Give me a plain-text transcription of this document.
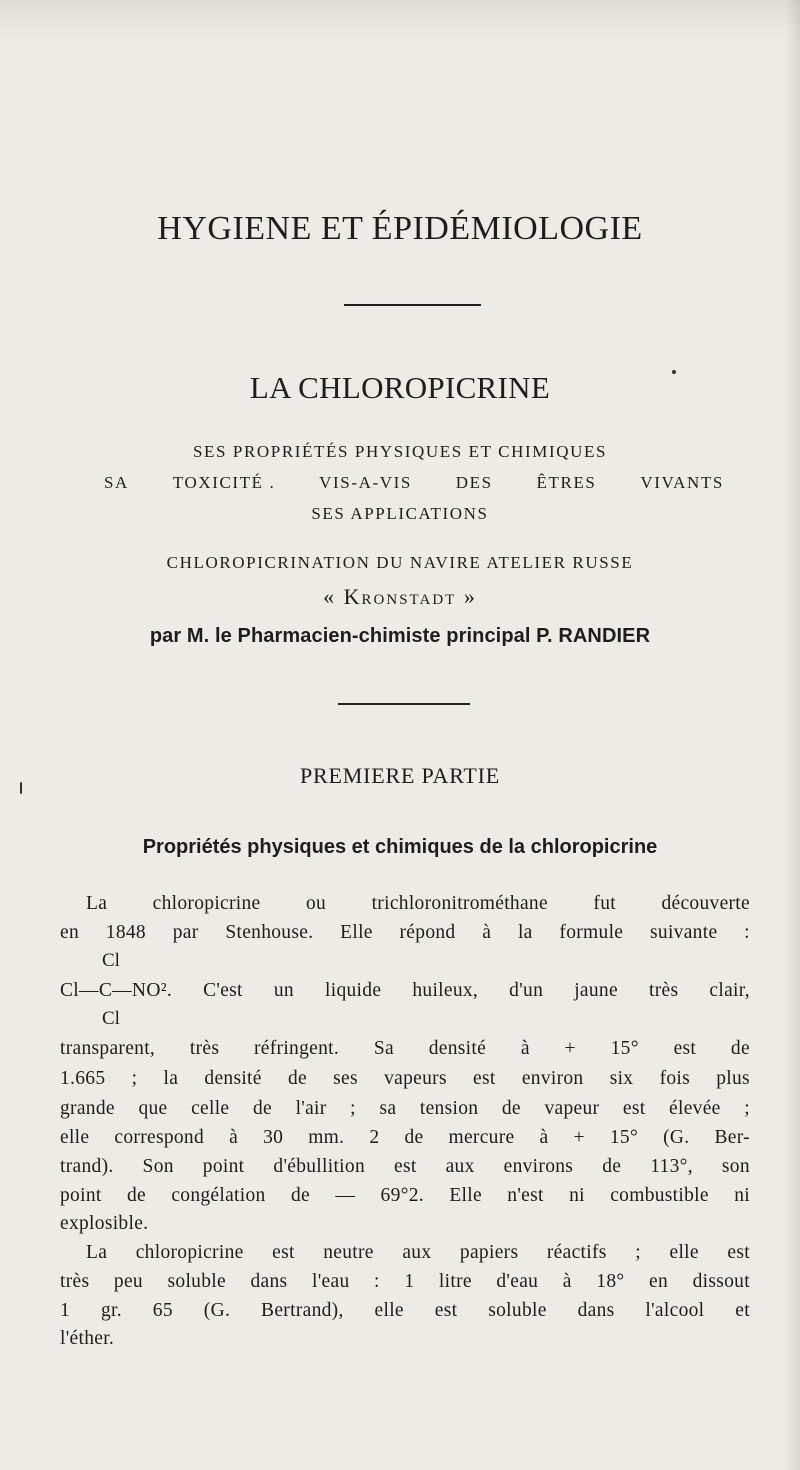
HYGIENE ET ÉPIDÉMIOLOGIE
LA CHLOROPICRINE
SES PROPRIÉTÉS PHYSIQUES ET CHIMIQUES
SA	TOXICITÉ .	VIS-A-VIS	DES	ÊTRES	VIVANTS
SES APPLICATIONS
CHLOROPICRINATION DU NAVIRE ATELIER RUSSE
« Kronstadt »
par M. le Pharmacien-chimiste principal P. RANDIER
PREMIERE PARTIE
Propriétés physiques et chimiques de la chloropicrine
La chloropicrine ou trichloronitrométhane fut découverte
en 1848 par Stenhouse. Elle répond à la formule suivante :
Cl
Cl—C—NO². C'est un liquide huileux, d'un jaune très clair,
Cl
transparent, très réfringent. Sa densité à + 15° est de
1.665 ; la densité de ses vapeurs est environ six fois plus
grande que celle de l'air ; sa tension de vapeur est élevée ;
elle correspond à 30 mm. 2 de mercure à + 15° (G. Ber-
trand). Son point d'ébullition est aux environs de 113°, son
point de congélation de — 69°2. Elle n'est ni combustible ni
explosible.
La chloropicrine est neutre aux papiers réactifs ; elle est
très peu soluble dans l'eau : 1 litre d'eau à 18° en dissout
1 gr. 65 (G. Bertrand), elle est soluble dans l'alcool et
l'éther.
